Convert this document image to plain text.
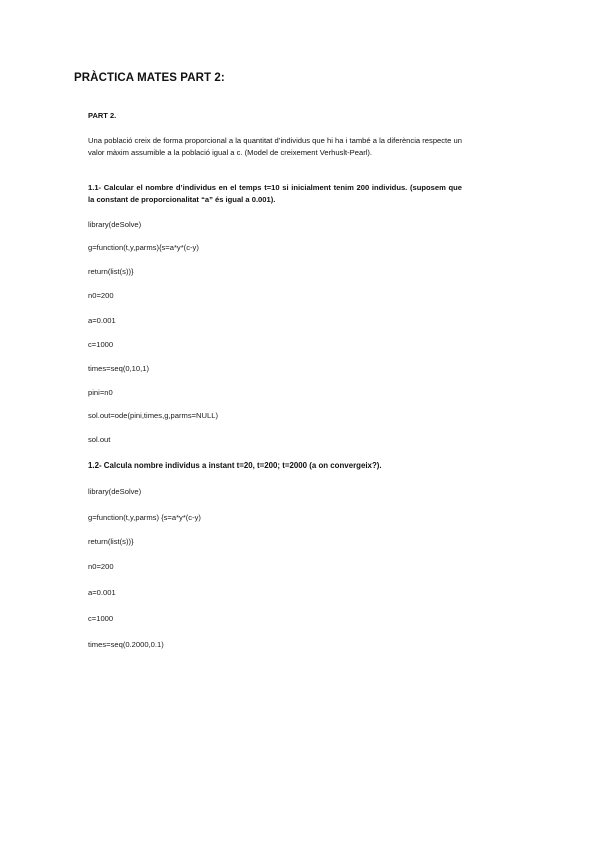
PRÀCTICA MATES PART 2:
PART 2.
Una població creix de forma proporcional a la quantitat d’individus que hi ha i també a la diferència respecte un valor màxim assumible a la població igual a c. (Model de creixement Verhuslt-Pearl).
1.1- Calcular el nombre d’individus en el temps t=10 si inicialment tenim 200 individus. (suposem que la constant de proporcionalitat “a” és igual a 0.001).
library(deSolve)
g=function(t,y,parms){s=a*y*(c-y)
return(list(s))}
n0=200
a=0.001
c=1000
times=seq(0,10,1)
pini=n0
sol.out=ode(pini,times,g,parms=NULL)
sol.out
1.2- Calcula nombre individus a instant t=20, t=200; t=2000 (a on convergeix?).
library(deSolve)
g=function(t,y,parms) {s=a*y*(c-y)
return(list(s))}
n0=200
a=0.001
c=1000
times=seq(0.2000,0.1)
